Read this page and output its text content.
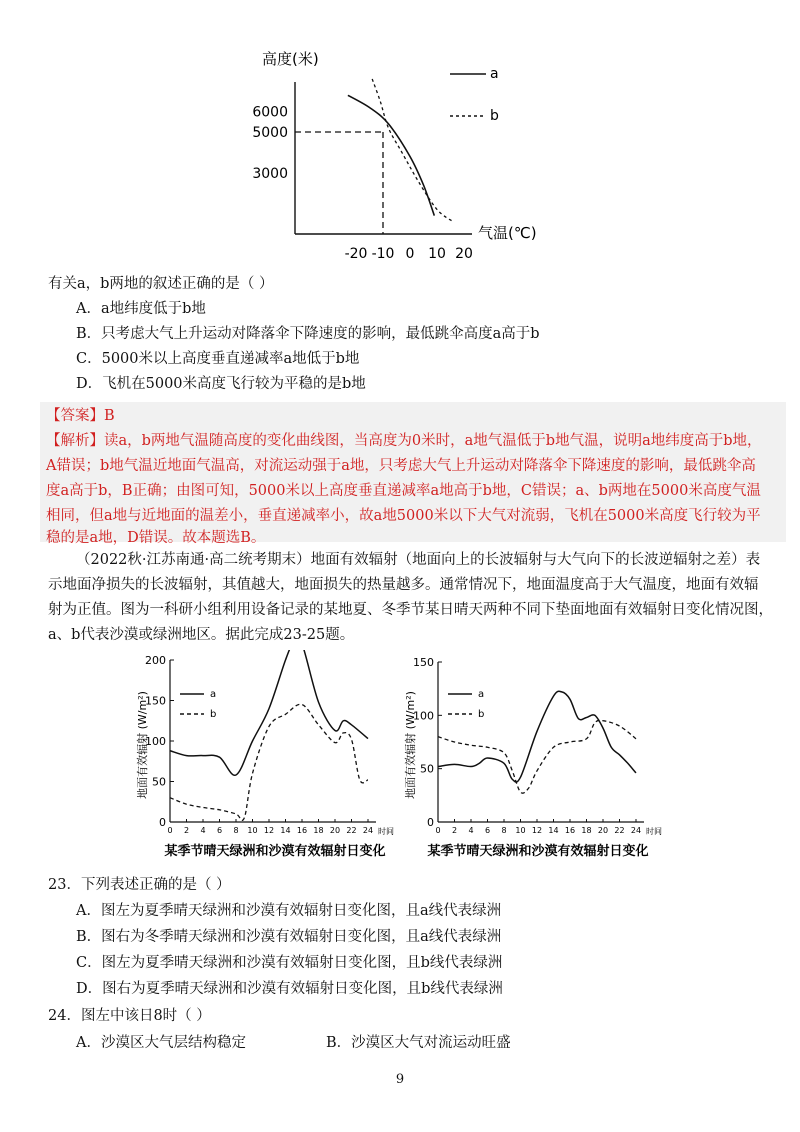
高度(米)
6000
5000
3000
-20 -10 0 10 20
气温(℃)
a
b
有关a，b两地的叙述正确的是（ ）
A．a地纬度低于b地
B．只考虑大气上升运动对降落伞下降速度的影响，最低跳伞高度a高于b
C．5000米以上高度垂直递减率a地低于b地
D．飞机在5000米高度飞行较为平稳的是b地
【答案】B
【解析】读a，b两地气温随高度的变化曲线图，当高度为0米时，a地气温低于b地气温，说明a地纬度高于b地，
A错误；b地气温近地面气温高，对流运动强于a地，只考虑大气上升运动对降落伞下降速度的影响，最低跳伞高
度a高于b，B正确；由图可知，5000米以上高度垂直递减率a地高于b地，C错误；a、b两地在5000米高度气温
相同，但a地与近地面的温差小，垂直递减率小，故a地5000米以下大气对流弱，飞机在5000米高度飞行较为平
稳的是a地，D错误。故本题选B。
（2022秋·江苏南通·高二统考期末）地面有效辐射（地面向上的长波辐射与大气向下的长波逆辐射之差）表
示地面净损失的长波辐射，其值越大，地面损失的热量越多。通常情况下，地面温度高于大气温度，地面有效辐
射为正值。图为一科研小组利用设备记录的某地夏、冬季节某日晴天两种不同下垫面地面有效辐射日变化情况图，
a、b代表沙漠或绿洲地区。据此完成23-25题。
地面有效辐射 (W/m²)
0
50
100
150
200
0 2 4 6 8 10 12 14 16 18 20 22 24
a
b
时间
某季节晴天绿洲和沙漠有效辐射日变化
地面有效辐射 (W/m²)
0
50
100
150
0 2 4 6 8 10 12 14 16 18 20 22 24
a
b
时间
某季节晴天绿洲和沙漠有效辐射日变化
23．下列表述正确的是（ ）
A．图左为夏季晴天绿洲和沙漠有效辐射日变化图，且a线代表绿洲
B．图右为冬季晴天绿洲和沙漠有效辐射日变化图，且a线代表绿洲
C．图左为夏季晴天绿洲和沙漠有效辐射日变化图，且b线代表绿洲
D．图右为夏季晴天绿洲和沙漠有效辐射日变化图，且b线代表绿洲
24．图左中该日8时（ ）
A．沙漠区大气层结构稳定	B．沙漠区大气对流运动旺盛
9
